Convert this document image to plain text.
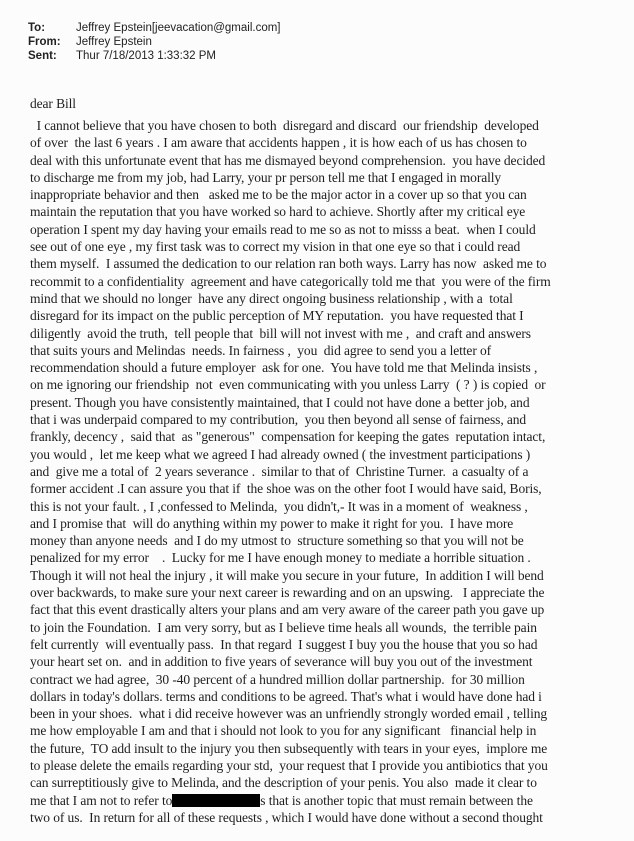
To:	Jeffrey Epstein[jeevacation@gmail.com]
From:	Jeffrey Epstein
Sent:	Thur 7/18/2013 1:33:32 PM
dear Bill
I cannot believe that you have chosen to both  disregard and discard  our friendship  developed
of over  the last 6 years . I am aware that accidents happen , it is how each of us has chosen to
deal with this unfortunate event that has me dismayed beyond comprehension.  you have decided
to discharge me from my job, had Larry, your pr person tell me that I engaged in morally
inappropriate behavior and then   asked me to be the major actor in a cover up so that you can
maintain the reputation that you have worked so hard to achieve. Shortly after my critical eye
operation I spent my day having your emails read to me so as not to misss a beat.  when I could
see out of one eye , my first task was to correct my vision in that one eye so that i could read
them myself.  I assumed the dedication to our relation ran both ways. Larry has now  asked me to
recommit to a confidentiality  agreement and have categorically told me that  you were of the firm
mind that we should no longer  have any direct ongoing business relationship , with a  total
disregard for its impact on the public perception of MY reputation.  you have requested that I
diligently  avoid the truth,  tell people that  bill will not invest with me ,  and craft and answers
that suits yours and Melindas  needs. In fairness ,  you  did agree to send you a letter of
recommendation should a future employer  ask for one.  You have told me that Melinda insists ,
on me ignoring our friendship  not  even communicating with you unless Larry  ( ? ) is copied  or
present. Though you have consistently maintained, that I could not have done a better job, and
that i was underpaid compared to my contribution,  you then beyond all sense of fairness, and
frankly, decency ,  said that  as "generous"  compensation for keeping the gates  reputation intact,
you would ,  let me keep what we agreed I had already owned ( the investment participations )
and  give me a total of  2 years severance .  similar to that of  Christine Turner.  a casualty of a
former accident .I can assure you that if  the shoe was on the other foot I would have said, Boris,
this is not your fault. , I ,confessed to Melinda,  you didn't,- It was in a moment of  weakness ,
and I promise that  will do anything within my power to make it right for you.  I have more
money than anyone needs  and I do my utmost to  structure something so that you will not be
penalized for my error    .  Lucky for me I have enough money to mediate a horrible situation .
Though it will not heal the injury , it will make you secure in your future,  In addition I will bend
over backwards, to make sure your next career is rewarding and on an upswing.   I appreciate the
fact that this event drastically alters your plans and am very aware of the career path you gave up
to join the Foundation.  I am very sorry, but as I believe time heals all wounds,  the terrible pain
felt currently  will eventually pass.  In that regard  I suggest I buy you the house that you so had
your heart set on.  and in addition to five years of severance will buy you out of the investment
contract we had agree,  30 -40 percent of a hundred million dollar partnership.  for 30 million
dollars in today's dollars. terms and conditions to be agreed. That's what i would have done had i
been in your shoes.  what i did receive however was an unfriendly strongly worded email , telling
me how employable I am and that i should not look to you for any significant   financial help in
the future,  TO add insult to the injury you then subsequently with tears in your eyes,  implore me
to please delete the emails regarding your std,  your request that I provide you antibiotics that you
can surreptitiously give to Melinda, and the description of your penis. You also  made it clear to
me that I am not to refer to	s that is another topic that must remain between the
two of us.  In return for all of these requests , which I would have done without a second thought
